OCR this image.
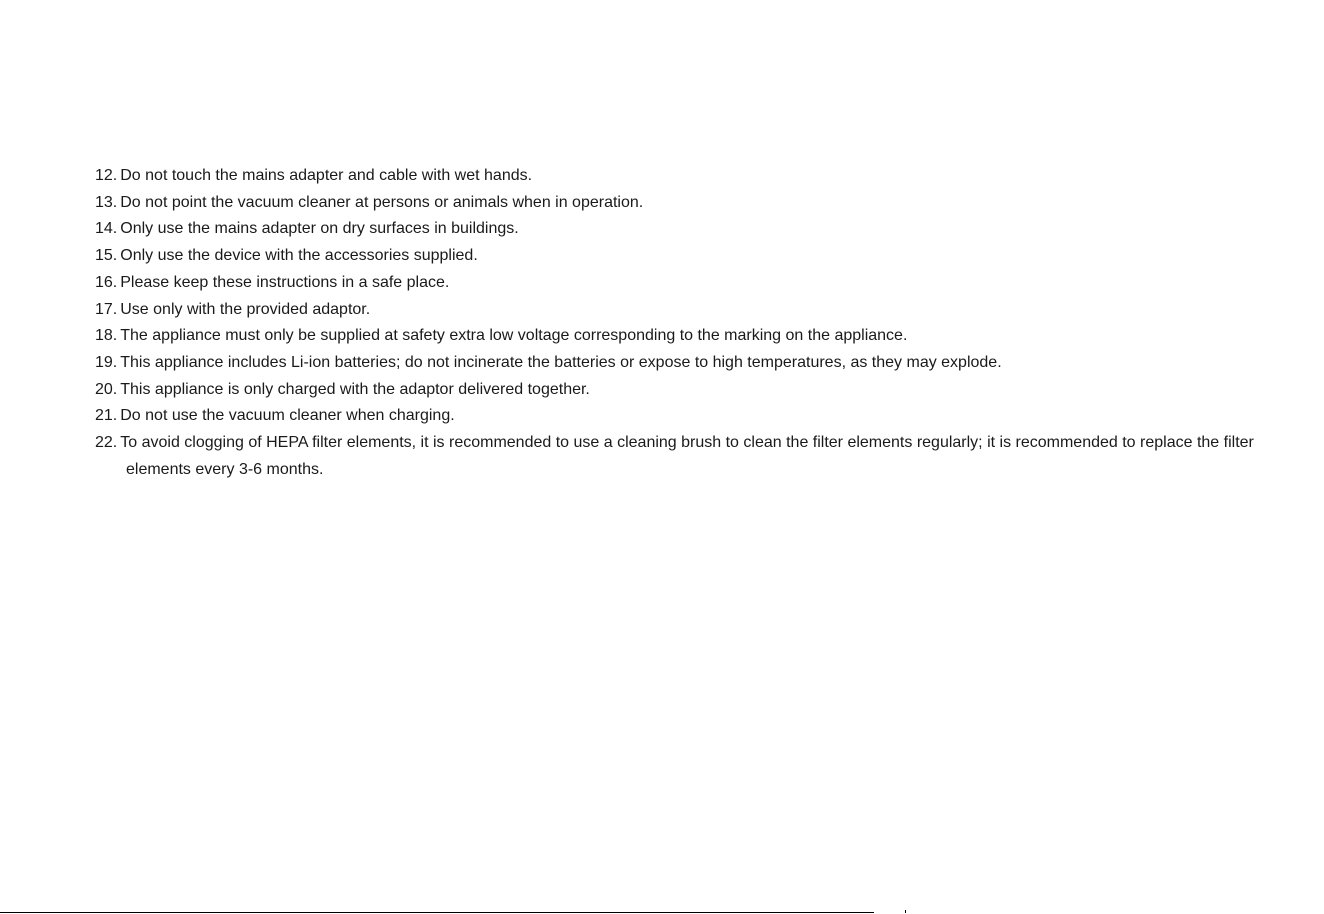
12. Do not touch the mains adapter and cable with wet hands.
13. Do not point the vacuum cleaner at persons or animals when in operation.
14. Only use the mains adapter on dry surfaces in buildings.
15. Only use the device with the accessories supplied.
16. Please keep these instructions in a safe place.
17. Use only with the provided adaptor.
18. The appliance must only be supplied at safety extra low voltage corresponding to the marking on the appliance.
19. This appliance includes Li-ion batteries; do not incinerate the batteries or expose to high temperatures, as they may explode.
20. This appliance is only charged with the adaptor delivered together.
21. Do not use the vacuum cleaner when charging.
22. To avoid clogging of HEPA filter elements, it is recommended to use a cleaning brush to clean the filter elements regularly; it is recommended to replace the filter elements every 3-6 months.
